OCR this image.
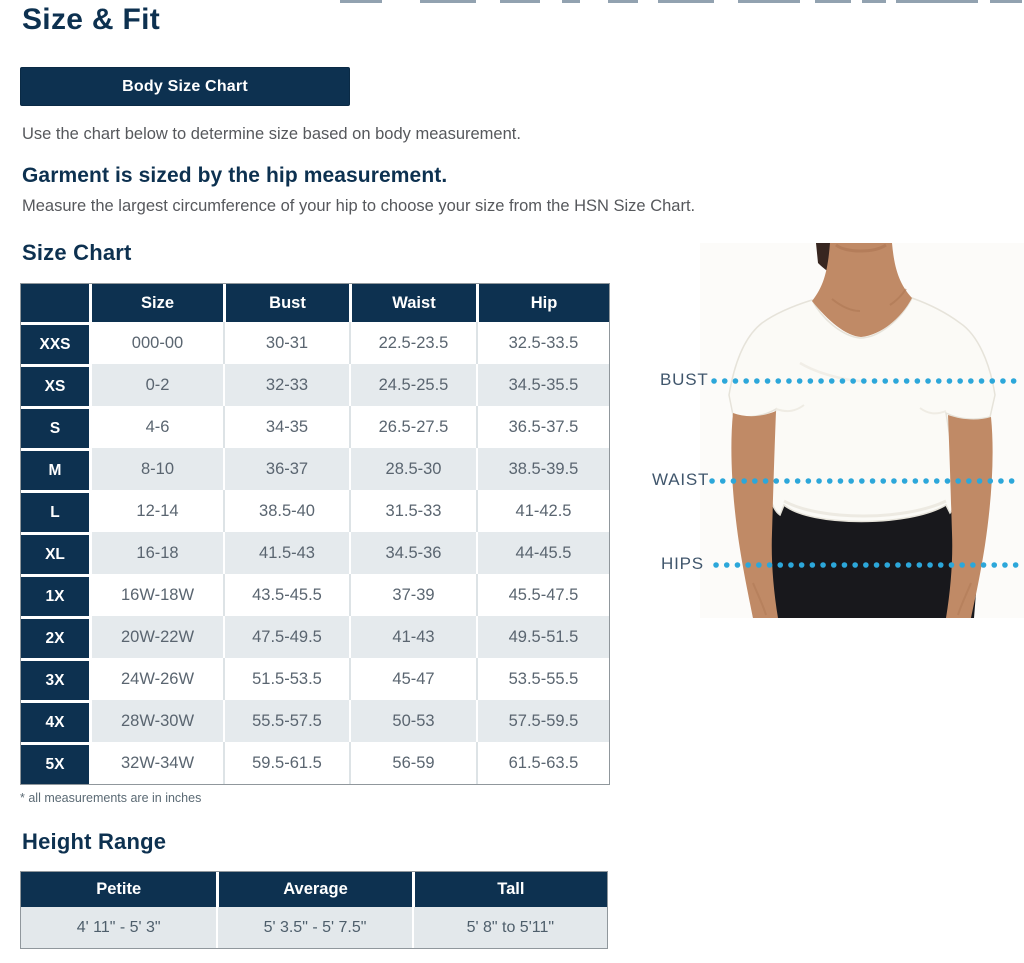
Size & Fit
Body Size Chart
Use the chart below to determine size based on body measurement.
Garment is sized by the hip measurement.
Measure the largest circumference of your hip to choose your size from the HSN Size Chart.
Size Chart
	Size	Bust	Waist	Hip
XXS	000-00	30-31	22.5-23.5	32.5-33.5
XS	0-2	32-33	24.5-25.5	34.5-35.5
S	4-6	34-35	26.5-27.5	36.5-37.5
M	8-10	36-37	28.5-30	38.5-39.5
L	12-14	38.5-40	31.5-33	41-42.5
XL	16-18	41.5-43	34.5-36	44-45.5
1X	16W-18W	43.5-45.5	37-39	45.5-47.5
2X	20W-22W	47.5-49.5	41-43	49.5-51.5
3X	24W-26W	51.5-53.5	45-47	53.5-55.5
4X	28W-30W	55.5-57.5	50-53	57.5-59.5
5X	32W-34W	59.5-61.5	56-59	61.5-63.5
* all measurements are in inches
Height Range
Petite	Average	Tall
4' 11" - 5' 3"	5' 3.5" - 5' 7.5"	5' 8" to 5'11"
BUST
WAIST
HIPS
